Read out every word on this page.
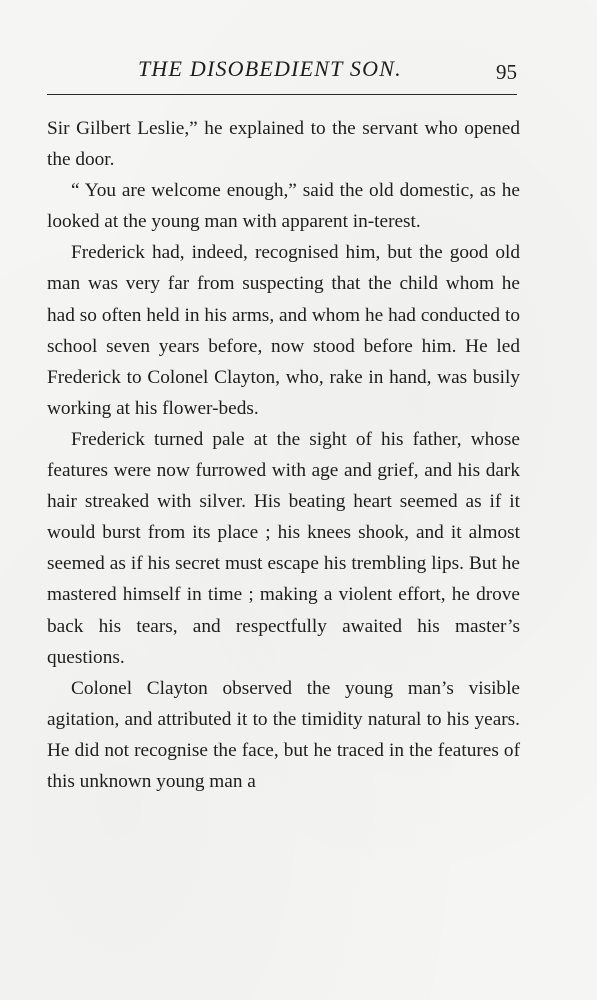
THE DISOBEDIENT SON.	95

Sir Gilbert Leslie,” he explained to the servant who opened the door.

“ You are welcome enough,” said the old domestic, as he looked at the young man with apparent in-terest.

Frederick had, indeed, recognised him, but the good old man was very far from suspecting that the child whom he had so often held in his arms, and whom he had conducted to school seven years before, now stood before him. He led Frederick to Colonel Clayton, who, rake in hand, was busily working at his flower-beds.

Frederick turned pale at the sight of his father, whose features were now furrowed with age and grief, and his dark hair streaked with silver. His beating heart seemed as if it would burst from its place ; his knees shook, and it almost seemed as if his secret must escape his trembling lips. But he mastered himself in time ; making a violent effort, he drove back his tears, and respectfully awaited his master’s questions.

Colonel Clayton observed the young man’s visible agitation, and attributed it to the timidity natural to his years. He did not recognise the face, but he traced in the features of this unknown young man a
